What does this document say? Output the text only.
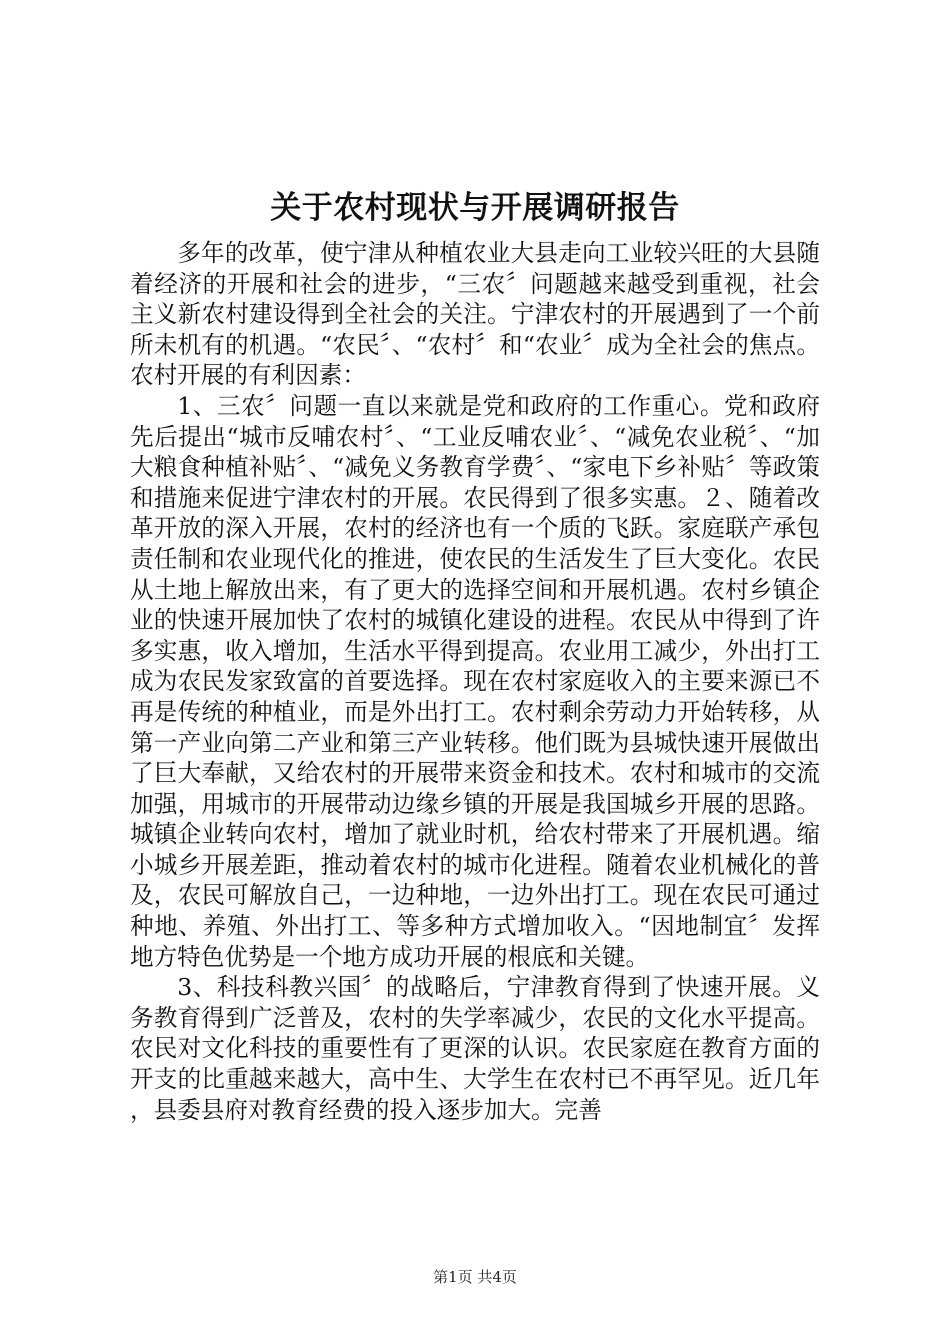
关于农村现状与开展调研报告

多年的改革，使宁津从种植农业大县走向工业较兴旺的大县随着经济的开展和社会的进步，“三农〞问题越来越受到重视，社会主义新农村建设得到全社会的关注。宁津农村的开展遇到了一个前所未机有的机遇。“农民〞、“农村〞和“农业〞成为全社会的焦点。农村开展的有利因素：

1、三农〞问题一直以来就是党和政府的工作重心。党和政府先后提出“城市反哺农村〞、“工业反哺农业〞、“减免农业税〞、“加大粮食种植补贴〞、“减免义务教育学费〞、“家电下乡补贴〞等政策和措施来促进宁津农村的开展。农民得到了很多实惠。２、随着改革开放的深入开展，农村的经济也有一个质的飞跃。家庭联产承包责任制和农业现代化的推进，使农民的生活发生了巨大变化。农民从土地上解放出来，有了更大的选择空间和开展机遇。农村乡镇企业的快速开展加快了农村的城镇化建设的进程。农民从中得到了许多实惠，收入增加，生活水平得到提高。农业用工减少，外出打工成为农民发家致富的首要选择。现在农村家庭收入的主要来源已不再是传统的种植业，而是外出打工。农村剩余劳动力开始转移，从第一产业向第二产业和第三产业转移。他们既为县城快速开展做出了巨大奉献，又给农村的开展带来资金和技术。农村和城市的交流加强，用城市的开展带动边缘乡镇的开展是我国城乡开展的思路。城镇企业转向农村，增加了就业时机，给农村带来了开展机遇。缩小城乡开展差距，推动着农村的城市化进程。随着农业机械化的普及，农民可解放自己，一边种地，一边外出打工。现在农民可通过种地、养殖、外出打工、等多种方式增加收入。“因地制宜〞发挥地方特色优势是一个地方成功开展的根底和关键。

3、科技科教兴国〞的战略后，宁津教育得到了快速开展。义务教育得到广泛普及，农村的失学率减少，农民的文化水平提高。农民对文化科技的重要性有了更深的认识。农民家庭在教育方面的开支的比重越来越大，高中生、大学生在农村已不再罕见。近几年，县委县府对教育经费的投入逐步加大。完善

第1页 共4页
